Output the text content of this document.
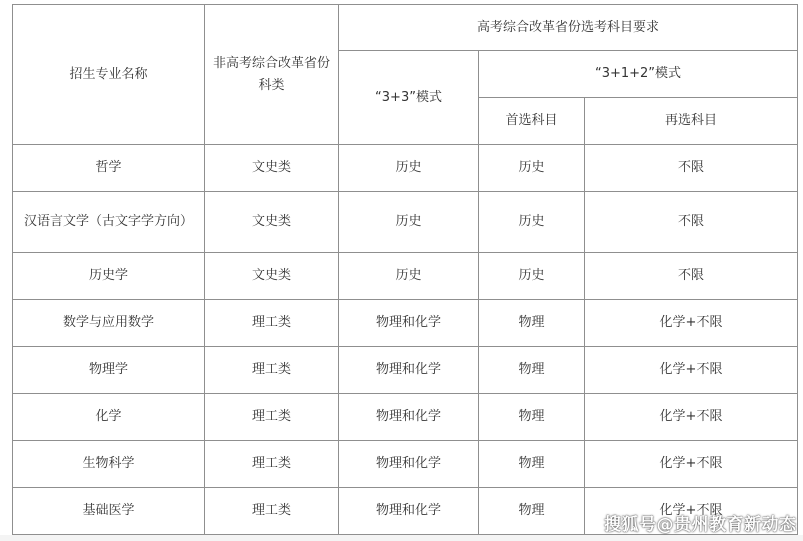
招生专业名称	非高考综合改革省份科类	高考综合改革省份选考科目要求		
		“3+3”模式	“3+1+2”模式	
			首选科目	再选科目
哲学	文史类	历史	历史	不限
汉语言文学（古文字学方向）	文史类	历史	历史	不限
历史学	文史类	历史	历史	不限
数学与应用数学	理工类	物理和化学	物理	化学+不限
物理学	理工类	物理和化学	物理	化学+不限
化学	理工类	物理和化学	物理	化学+不限
生物科学	理工类	物理和化学	物理	化学+不限
基础医学	理工类	物理和化学	物理	化学+不限
搜狐号@贵州教育新动态
